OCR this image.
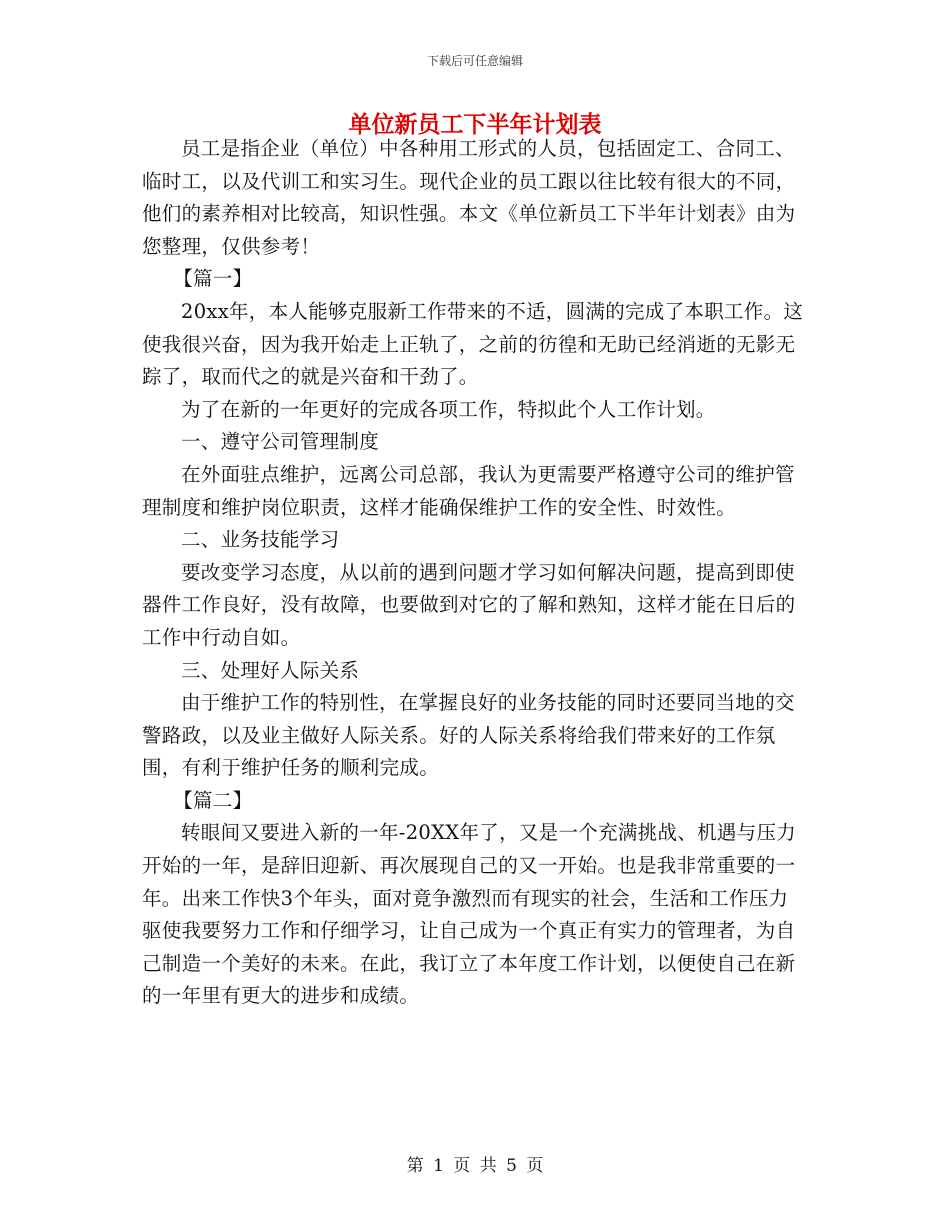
下载后可任意编辑
单位新员工下半年计划表

员工是指企业（单位）中各种用工形式的人员，包括固定工、合同工、临时工，以及代训工和实习生。现代企业的员工跟以往比较有很大的不同，他们的素养相对比较高，知识性强。本文《单位新员工下半年计划表》由为您整理，仅供参考！

【篇一】

20xx年，本人能够克服新工作带来的不适，圆满的完成了本职工作。这使我很兴奋，因为我开始走上正轨了，之前的彷徨和无助已经消逝的无影无踪了，取而代之的就是兴奋和干劲了。

为了在新的一年更好的完成各项工作，特拟此个人工作计划。

一、遵守公司管理制度

在外面驻点维护，远离公司总部，我认为更需要严格遵守公司的维护管理制度和维护岗位职责，这样才能确保维护工作的安全性、时效性。

二、业务技能学习

要改变学习态度，从以前的遇到问题才学习如何解决问题，提高到即使器件工作良好，没有故障，也要做到对它的了解和熟知，这样才能在日后的工作中行动自如。

三、处理好人际关系

由于维护工作的特别性，在掌握良好的业务技能的同时还要同当地的交警路政，以及业主做好人际关系。好的人际关系将给我们带来好的工作氛围，有利于维护任务的顺利完成。

【篇二】

转眼间又要进入新的一年-20XX年了，又是一个充满挑战、机遇与压力开始的一年，是辞旧迎新、再次展现自己的又一开始。也是我非常重要的一年。出来工作快3个年头，面对竟争激烈而有现实的社会，生活和工作压力驱使我要努力工作和仔细学习，让自己成为一个真正有实力的管理者，为自己制造一个美好的未来。在此，我订立了本年度工作计划，以便使自己在新的一年里有更大的进步和成绩。

第 1 页 共 5 页
